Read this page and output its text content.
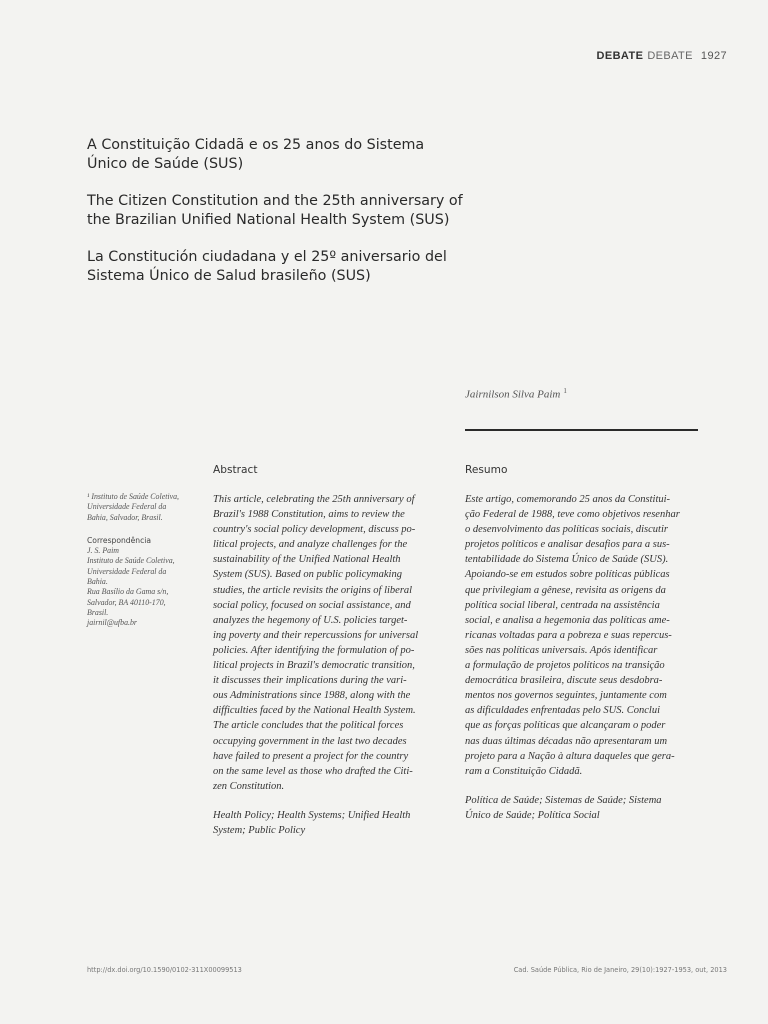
DEBATE DEBATE 1927
A Constituição Cidadã e os 25 anos do Sistema Único de Saúde (SUS)
The Citizen Constitution and the 25th anniversary of the Brazilian Unified National Health System (SUS)
La Constitución ciudadana y el 25º aniversario del Sistema Único de Salud brasileño (SUS)
Jairnilson Silva Paim $^1$
Abstract	Resumo

¹ Instituto de Saúde Coletiva,
Universidade Federal da
Bahia, Salvador, Brasil.

Correspondência
J. S. Paim
Instituto de Saúde Coletiva,
Universidade Federal da
Bahia.
Rua Basílio da Gama s/n,
Salvador, BA 40110-170,
Brasil.
jairnil@ufba.br

This article, celebrating the 25th anniversary of
Brazil's 1988 Constitution, aims to review the
country's social policy development, discuss po-
litical projects, and analyze challenges for the
sustainability of the Unified National Health
System (SUS). Based on public policymaking
studies, the article revisits the origins of liberal
social policy, focused on social assistance, and
analyzes the hegemony of U.S. policies target-
ing poverty and their repercussions for universal
policies. After identifying the formulation of po-
litical projects in Brazil's democratic transition,
it discusses their implications during the vari-
ous Administrations since 1988, along with the
difficulties faced by the National Health System.
The article concludes that the political forces
occupying government in the last two decades
have failed to present a project for the country
on the same level as those who drafted the Citi-
zen Constitution.

Health Policy; Health Systems; Unified Health
System; Public Policy

Este artigo, comemorando 25 anos da Constitui-
ção Federal de 1988, teve como objetivos resenhar
o desenvolvimento das políticas sociais, discutir
projetos políticos e analisar desafios para a sus-
tentabilidade do Sistema Único de Saúde (SUS).
Apoiando-se em estudos sobre políticas públicas
que privilegiam a gênese, revisita as origens da
política social liberal, centrada na assistência
social, e analisa a hegemonia das políticas ame-
ricanas voltadas para a pobreza e suas repercus-
sões nas políticas universais. Após identificar
a formulação de projetos políticos na transição
democrática brasileira, discute seus desdobra-
mentos nos governos seguintes, juntamente com
as dificuldades enfrentadas pelo SUS. Conclui
que as forças políticas que alcançaram o poder
nas duas últimas décadas não apresentaram um
projeto para a Nação à altura daqueles que gera-
ram a Constituição Cidadã.

Política de Saúde; Sistemas de Saúde; Sistema
Único de Saúde; Política Social

http://dx.doi.org/10.1590/0102-311X00099513	Cad. Saúde Pública, Rio de Janeiro, 29(10):1927-1953, out, 2013
